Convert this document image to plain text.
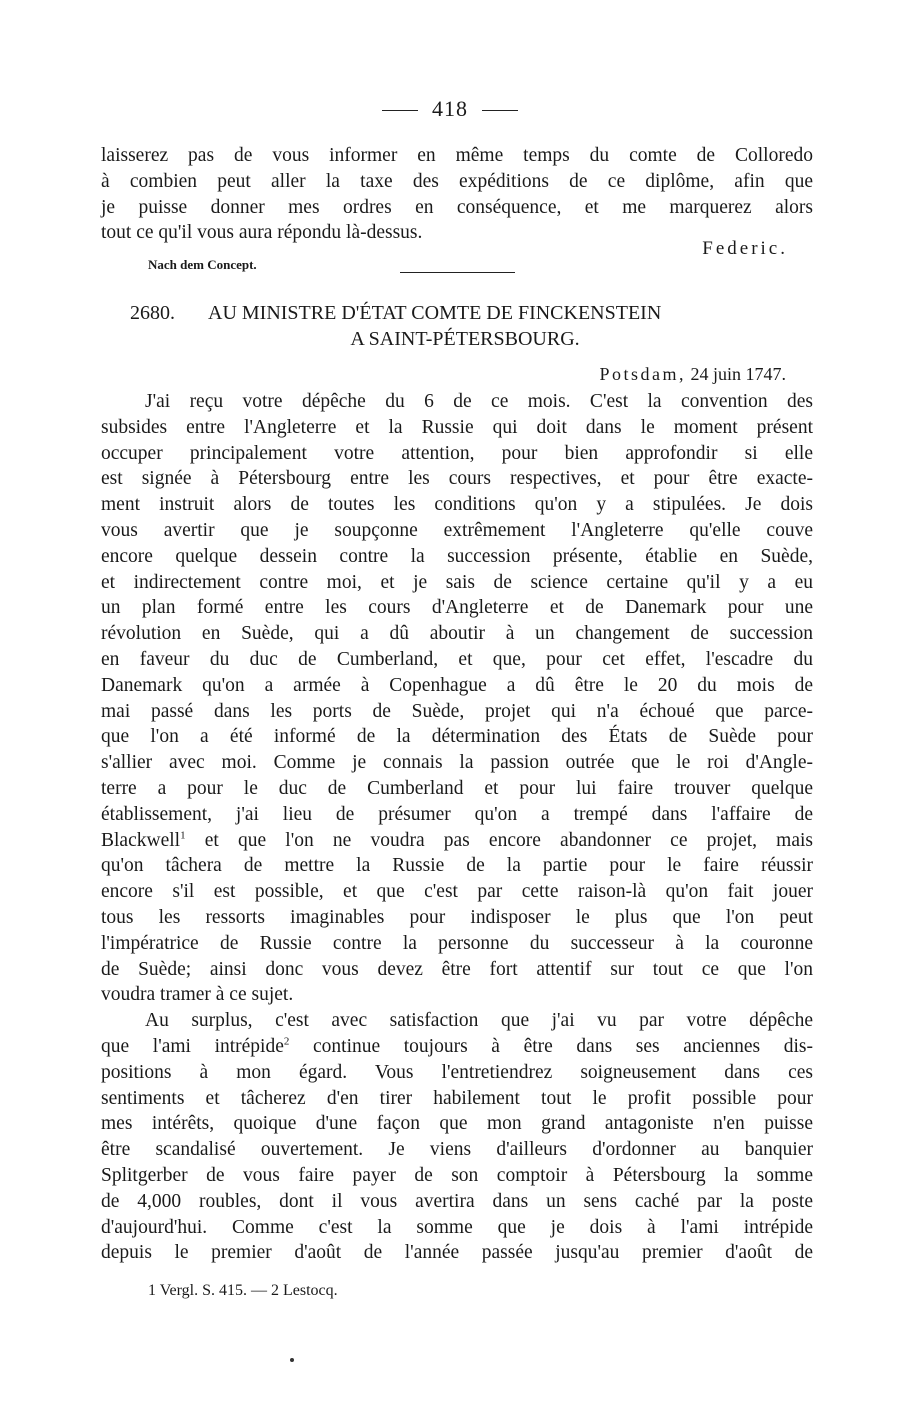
418

laisserez pas de vous informer en même temps du comte de Colloredo

à combien peut aller la taxe des expéditions de ce diplôme, afin que

je puisse donner mes ordres en conséquence, et me marquerez alors

tout ce qu'il vous aura répondu là-dessus.

Federic.
Nach dem Concept.
2680.	AU MINISTRE D'ÉTAT COMTE DE FINCKENSTEIN
A SAINT-PÉTERSBOURG.
Potsdam, 24 juin 1747.

J'ai reçu votre dépêche du 6 de ce mois. C'est la convention des

subsides entre l'Angleterre et la Russie qui doit dans le moment présent

occuper principalement votre attention, pour bien approfondir si elle

est signée à Pétersbourg entre les cours respectives, et pour être exacte-

ment instruit alors de toutes les conditions qu'on y a stipulées. Je dois

vous avertir que je soupçonne extrêmement l'Angleterre qu'elle couve

encore quelque dessein contre la succession présente, établie en Suède,

et indirectement contre moi, et je sais de science certaine qu'il y a eu

un plan formé entre les cours d'Angleterre et de Danemark pour une

révolution en Suède, qui a dû aboutir à un changement de succession

en faveur du duc de Cumberland, et que, pour cet effet, l'escadre du

Danemark qu'on a armée à Copenhague a dû être le 20 du mois de

mai passé dans les ports de Suède, projet qui n'a échoué que parce-

que l'on a été informé de la détermination des États de Suède pour

s'allier avec moi. Comme je connais la passion outrée que le roi d'Angle-

terre a pour le duc de Cumberland et pour lui faire trouver quelque

établissement, j'ai lieu de présumer qu'on a trempé dans l'affaire de

Blackwell$^1$ et que l'on ne voudra pas encore abandonner ce projet, mais

qu'on tâchera de mettre la Russie de la partie pour le faire réussir

encore s'il est possible, et que c'est par cette raison-là qu'on fait jouer

tous les ressorts imaginables pour indisposer le plus que l'on peut

l'impératrice de Russie contre la personne du successeur à la couronne

de Suède; ainsi donc vous devez être fort attentif sur tout ce que l'on

voudra tramer à ce sujet.

Au surplus, c'est avec satisfaction que j'ai vu par votre dépêche

que l'ami intrépide$^2$ continue toujours à être dans ses anciennes dis-

positions à mon égard. Vous l'entretiendrez soigneusement dans ces

sentiments et tâcherez d'en tirer habilement tout le profit possible pour

mes intérêts, quoique d'une façon que mon grand antagoniste n'en puisse

être scandalisé ouvertement. Je viens d'ailleurs d'ordonner au banquier

Splitgerber de vous faire payer de son comptoir à Pétersbourg la somme

de 4,000 roubles, dont il vous avertira dans un sens caché par la poste

d'aujourd'hui. Comme c'est la somme que je dois à l'ami intrépide

depuis le premier d'août de l'année passée jusqu'au premier d'août de

1 Vergl. S. 415. — 2 Lestocq.
